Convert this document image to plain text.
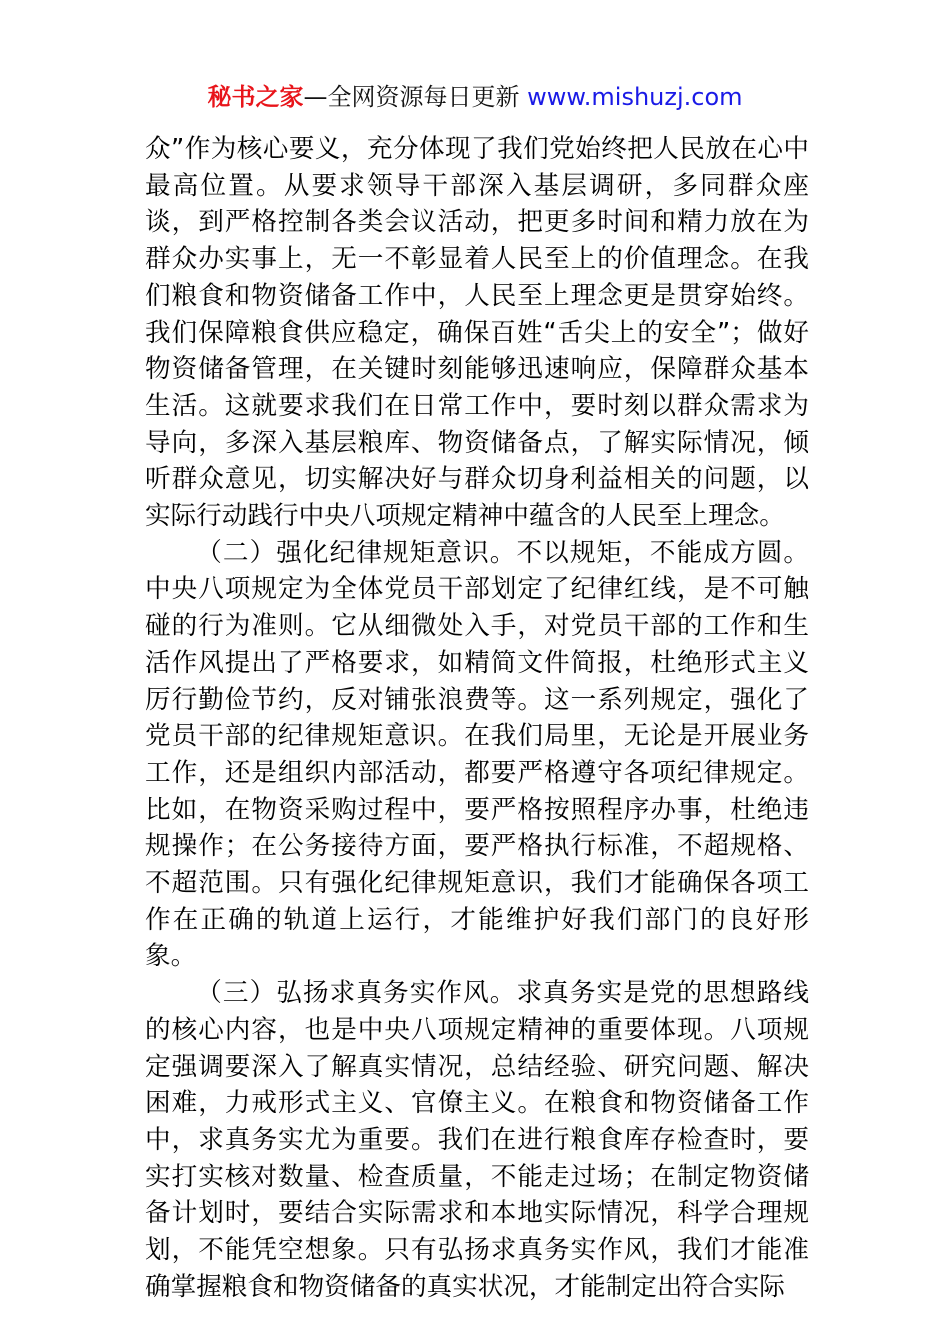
秘书之家—全网资源每日更新 www.mishuzj.com

众”作为核心要义，充分体现了我们党始终把人民放在心中最高位置。从要求领导干部深入基层调研，多同群众座谈，到严格控制各类会议活动，把更多时间和精力放在为群众办实事上，无一不彰显着人民至上的价值理念。在我们粮食和物资储备工作中，人民至上理念更是贯穿始终。我们保障粮食供应稳定，确保百姓“舌尖上的安全”；做好物资储备管理，在关键时刻能够迅速响应，保障群众基本生活。这就要求我们在日常工作中，要时刻以群众需求为导向，多深入基层粮库、物资储备点，了解实际情况，倾听群众意见，切实解决好与群众切身利益相关的问题，以实际行动践行中央八项规定精神中蕴含的人民至上理念。

（二）强化纪律规矩意识。不以规矩，不能成方圆。中央八项规定为全体党员干部划定了纪律红线，是不可触碰的行为准则。它从细微处入手，对党员干部的工作和生活作风提出了严格要求，如精简文件简报，杜绝形式主义厉行勤俭节约，反对铺张浪费等。这一系列规定，强化了党员干部的纪律规矩意识。在我们局里，无论是开展业务工作，还是组织内部活动，都要严格遵守各项纪律规定。比如，在物资采购过程中，要严格按照程序办事，杜绝违规操作；在公务接待方面，要严格执行标准，不超规格、不超范围。只有强化纪律规矩意识，我们才能确保各项工作在正确的轨道上运行，才能维护好我们部门的良好形象。

（三）弘扬求真务实作风。求真务实是党的思想路线的核心内容，也是中央八项规定精神的重要体现。八项规定强调要深入了解真实情况，总结经验、研究问题、解决困难，力戒形式主义、官僚主义。在粮食和物资储备工作中，求真务实尤为重要。我们在进行粮食库存检查时，要实打实核对数量、检查质量，不能走过场；在制定物资储备计划时，要结合实际需求和本地实际情况，科学合理规划，不能凭空想象。只有弘扬求真务实作风，我们才能准确掌握粮食和物资储备的真实状况，才能制定出符合实际
